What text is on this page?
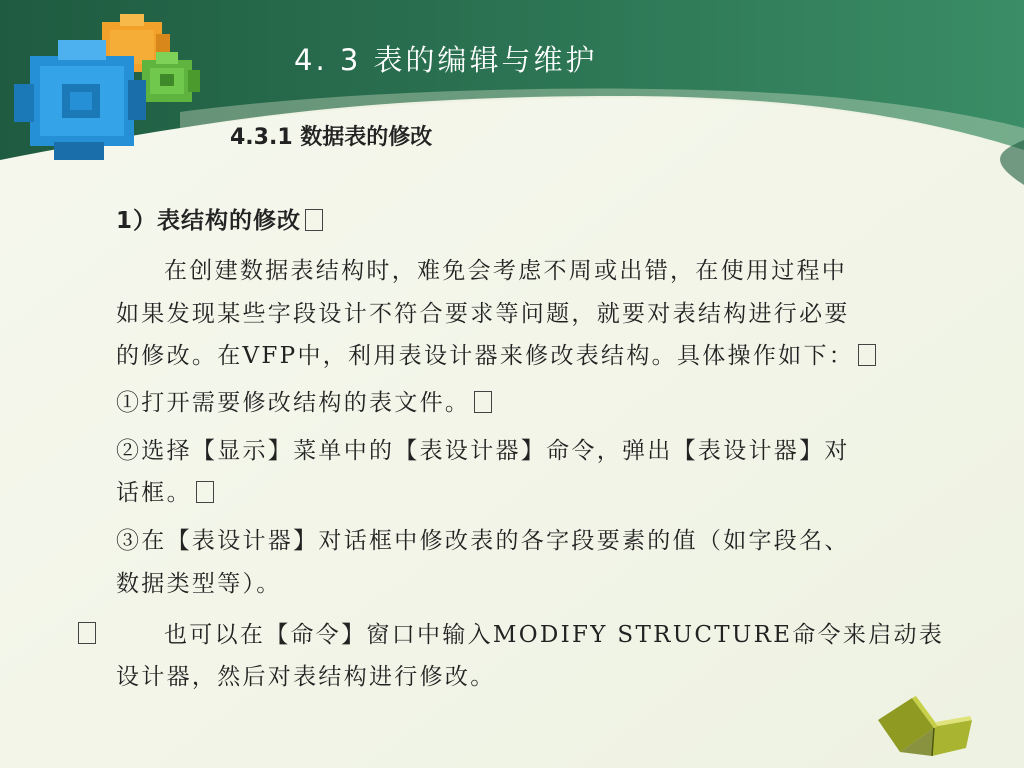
4. 3 表的编辑与维护
4.3.1 数据表的修改
1）表结构的修改
在创建数据表结构时，难免会考虑不周或出错，在使用过程中
如果发现某些字段设计不符合要求等问题，就要对表结构进行必要
的修改。在VFP中，利用表设计器来修改表结构。具体操作如下：
①打开需要修改结构的表文件。
②选择【显示】菜单中的【表设计器】命令，弹出【表设计器】对
话框。
③在【表设计器】对话框中修改表的各字段要素的值（如字段名、
数据类型等）。
也可以在【命令】窗口中输入MODIFY STRUCTURE命令来启动表
设计器，然后对表结构进行修改。
